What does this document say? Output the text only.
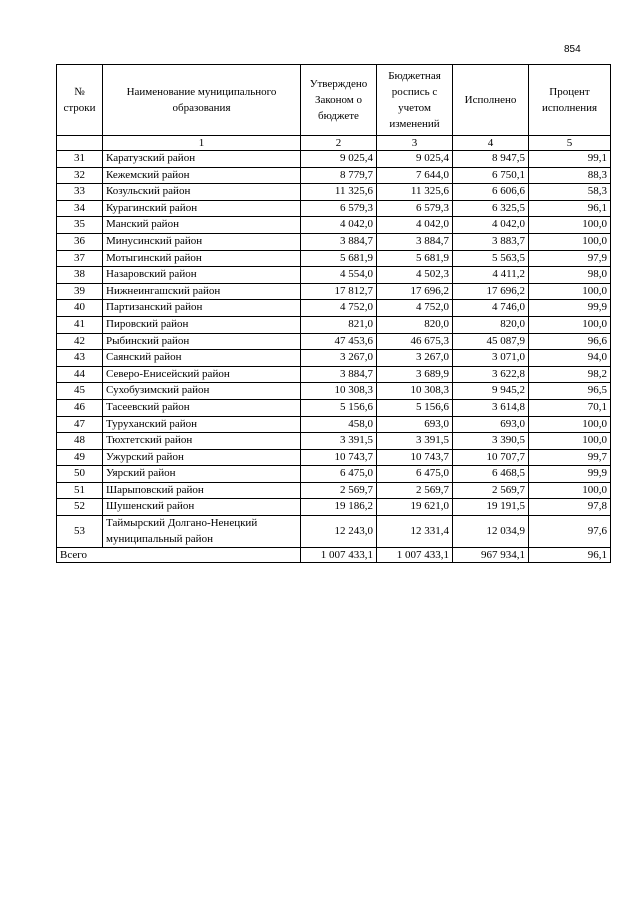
854
№ строки	Наименование муниципального образования	Утверждено Законом о бюджете	Бюджетная роспись с учетом изменений	Исполнено	Процент исполнения
	1	2	3	4	5
31	Каратузский район	9 025,4	9 025,4	8 947,5	99,1
32	Кежемский район	8 779,7	7 644,0	6 750,1	88,3
33	Козульский район	11 325,6	11 325,6	6 606,6	58,3
34	Курагинский район	6 579,3	6 579,3	6 325,5	96,1
35	Манский район	4 042,0	4 042,0	4 042,0	100,0
36	Минусинский район	3 884,7	3 884,7	3 883,7	100,0
37	Мотыгинский район	5 681,9	5 681,9	5 563,5	97,9
38	Назаровский район	4 554,0	4 502,3	4 411,2	98,0
39	Нижнеингашский район	17 812,7	17 696,2	17 696,2	100,0
40	Партизанский район	4 752,0	4 752,0	4 746,0	99,9
41	Пировский район	821,0	820,0	820,0	100,0
42	Рыбинский район	47 453,6	46 675,3	45 087,9	96,6
43	Саянский район	3 267,0	3 267,0	3 071,0	94,0
44	Северо-Енисейский район	3 884,7	3 689,9	3 622,8	98,2
45	Сухобузимский район	10 308,3	10 308,3	9 945,2	96,5
46	Тасеевский район	5 156,6	5 156,6	3 614,8	70,1
47	Туруханский район	458,0	693,0	693,0	100,0
48	Тюхтетский район	3 391,5	3 391,5	3 390,5	100,0
49	Ужурский район	10 743,7	10 743,7	10 707,7	99,7
50	Уярский район	6 475,0	6 475,0	6 468,5	99,9
51	Шарыповский район	2 569,7	2 569,7	2 569,7	100,0
52	Шушенский район	19 186,2	19 621,0	19 191,5	97,8
53	Таймырский Долгано-Ненецкий муниципальный район	12 243,0	12 331,4	12 034,9	97,6
Всего		1 007 433,1	1 007 433,1	967 934,1	96,1
